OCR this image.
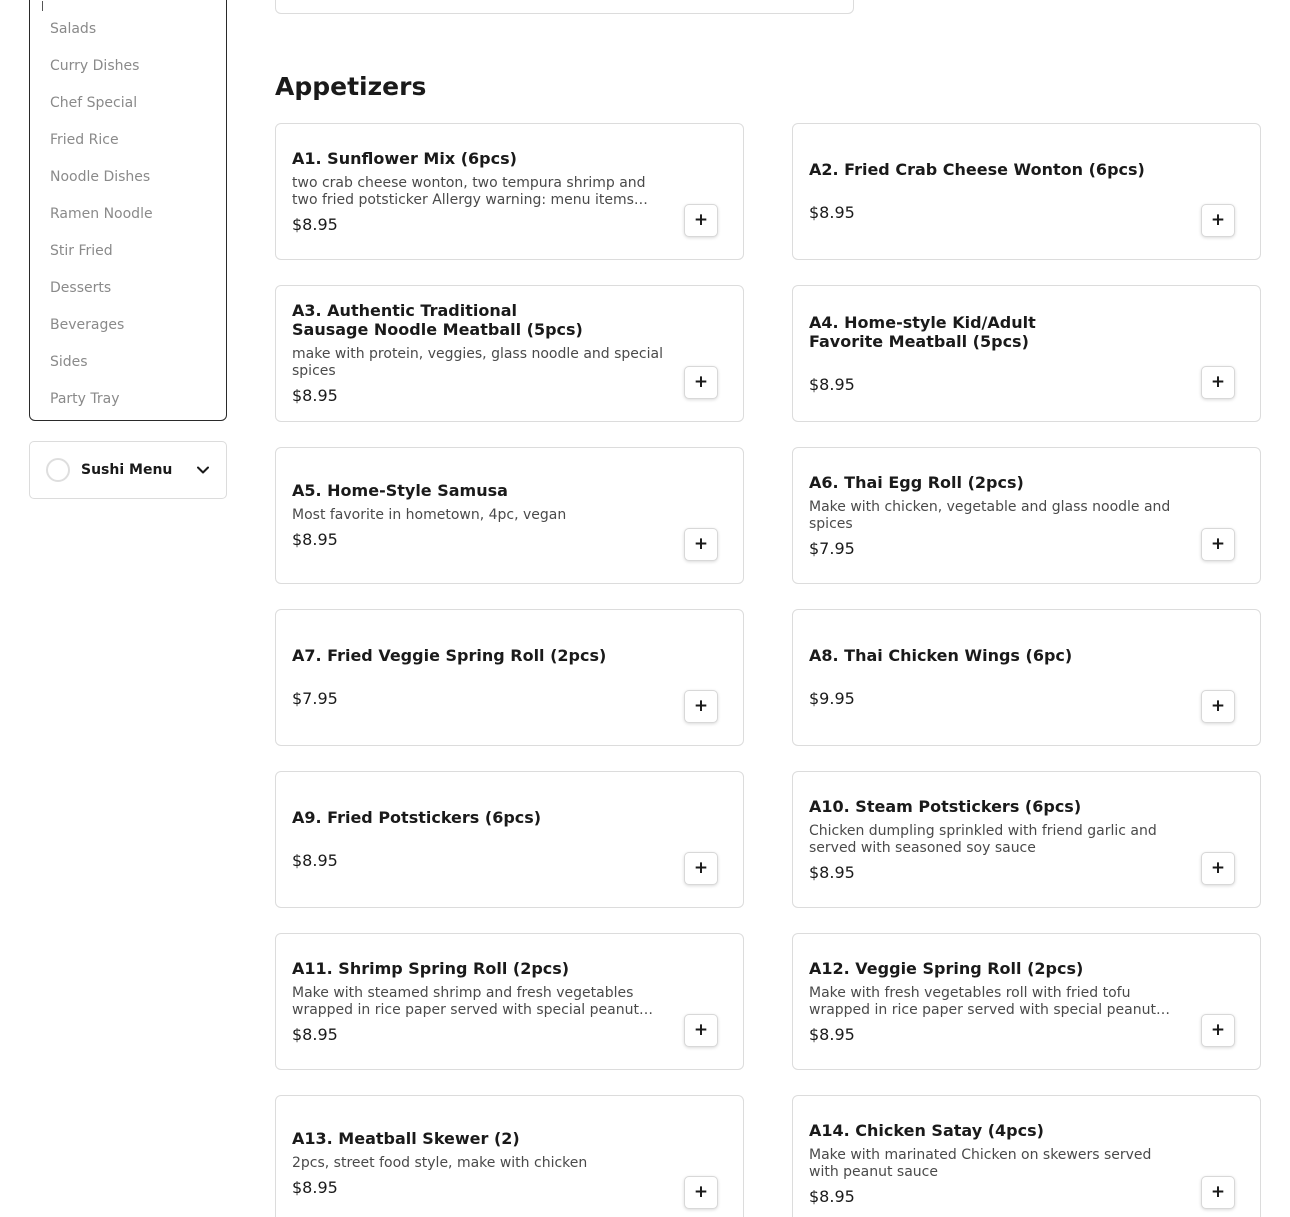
Salads
Curry Dishes
Chef Special
Fried Rice
Noodle Dishes
Ramen Noodle
Stir Fried
Desserts
Beverages
Sides
Party Tray
Sushi Menu
Appetizers
A1. Sunflower Mix (6pcs)
two crab cheese wonton, two tempura shrimp and two fried potsticker Allergy warning: menu items
$8.95	+
A2. Fried Crab Cheese Wonton (6pcs)
$8.95	+
A3. Authentic Traditional Sausage Noodle Meatball (5pcs)
make with protein, veggies, glass noodle and special spices
$8.95
+
A4. Home-style Kid/Adult Favorite Meatball (5pcs)
$8.95	+
A5. Home-Style Samusa
Most favorite in hometown, 4pc, vegan
$8.95	+
A6. Thai Egg Roll (2pcs)
Make with chicken, vegetable and glass noodle and spices
$7.95	+
A7. Fried Veggie Spring Roll (2pcs)
$7.95	+
A8. Thai Chicken Wings (6pc)
$9.95	+
A9. Fried Potstickers (6pcs)
$8.95	+
A10. Steam Potstickers (6pcs)
Chicken dumpling sprinkled with friend garlic and served with seasoned soy sauce
$8.95	+
A11. Shrimp Spring Roll (2pcs)
Make with steamed shrimp and fresh vegetables wrapped in rice paper served with special peanut
$8.95	+
A12. Veggie Spring Roll (2pcs)
Make with fresh vegetables roll with fried tofu wrapped in rice paper served with special peanut
$8.95	+
A13. Meatball Skewer (2)
2pcs, street food style, make with chicken
$8.95	+
A14. Chicken Satay (4pcs)
Make with marinated Chicken on skewers served with peanut sauce
$8.95	+
